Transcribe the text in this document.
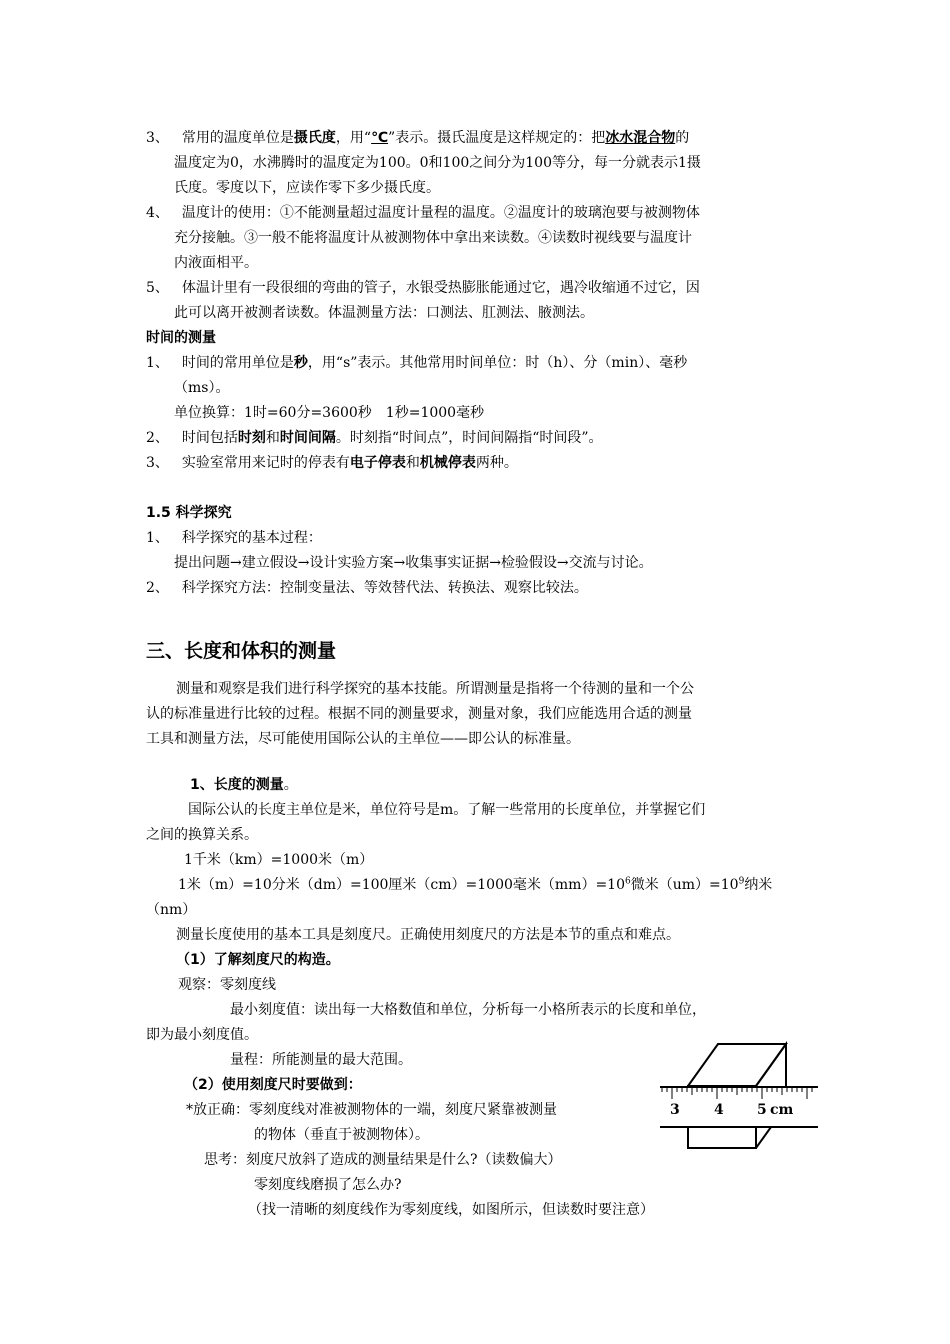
3、 常用的温度单位是摄氏度，用“℃”表示。摄氏温度是这样规定的：把冰水混合物的
温度定为0，水沸腾时的温度定为100。0和100之间分为100等分，每一分就表示1摄
氏度。零度以下，应读作零下多少摄氏度。
4、 温度计的使用：①不能测量超过温度计量程的温度。②温度计的玻璃泡要与被测物体
充分接触。③一般不能将温度计从被测物体中拿出来读数。④读数时视线要与温度计
内液面相平。
5、 体温计里有一段很细的弯曲的管子，水银受热膨胀能通过它，遇冷收缩通不过它，因
此可以离开被测者读数。体温测量方法：口测法、肛测法、腋测法。
时间的测量
1、 时间的常用单位是秒，用“s”表示。其他常用时间单位：时（h）、分（min）、毫秒
（ms）。
单位换算：1时=60分=3600秒　1秒=1000毫秒
2、 时间包括时刻和时间间隔。时刻指“时间点”，时间间隔指“时间段”。
3、 实验室常用来记时的停表有电子停表和机械停表两种。
1.5 科学探究
1、 科学探究的基本过程：
提出问题→建立假设→设计实验方案→收集事实证据→检验假设→交流与讨论。
2、 科学探究方法：控制变量法、等效替代法、转换法、观察比较法。
三、长度和体积的测量
测量和观察是我们进行科学探究的基本技能。所谓测量是指将一个待测的量和一个公
认的标准量进行比较的过程。根据不同的测量要求，测量对象，我们应能选用合适的测量
工具和测量方法，尽可能使用国际公认的主单位——即公认的标准量。
1、长度的测量。
国际公认的长度主单位是米，单位符号是m。了解一些常用的长度单位，并掌握它们
之间的换算关系。
1千米（km）=1000米（m）
1米（m）=10分米（dm）=100厘米（cm）=1000毫米$(mm)=10^6$微米$(um)=10^9$纳米
（nm）
测量长度使用的基本工具是刻度尺。正确使用刻度尺的方法是本节的重点和难点。
（1）了解刻度尺的构造。
观察：零刻度线
最小刻度值：读出每一大格数值和单位，分析每一小格所表示的长度和单位，
即为最小刻度值。
量程：所能测量的最大范围。
（2）使用刻度尺时要做到：
*放正确：零刻度线对准被测物体的一端，刻度尺紧靠被测量
的物体（垂直于被测物体）。
思考：刻度尺放斜了造成的测量结果是什么?（读数偏大）
零刻度线磨损了怎么办?
（找一清晰的刻度线作为零刻度线，如图所示，但读数时要注意）
3 4 5 cm
